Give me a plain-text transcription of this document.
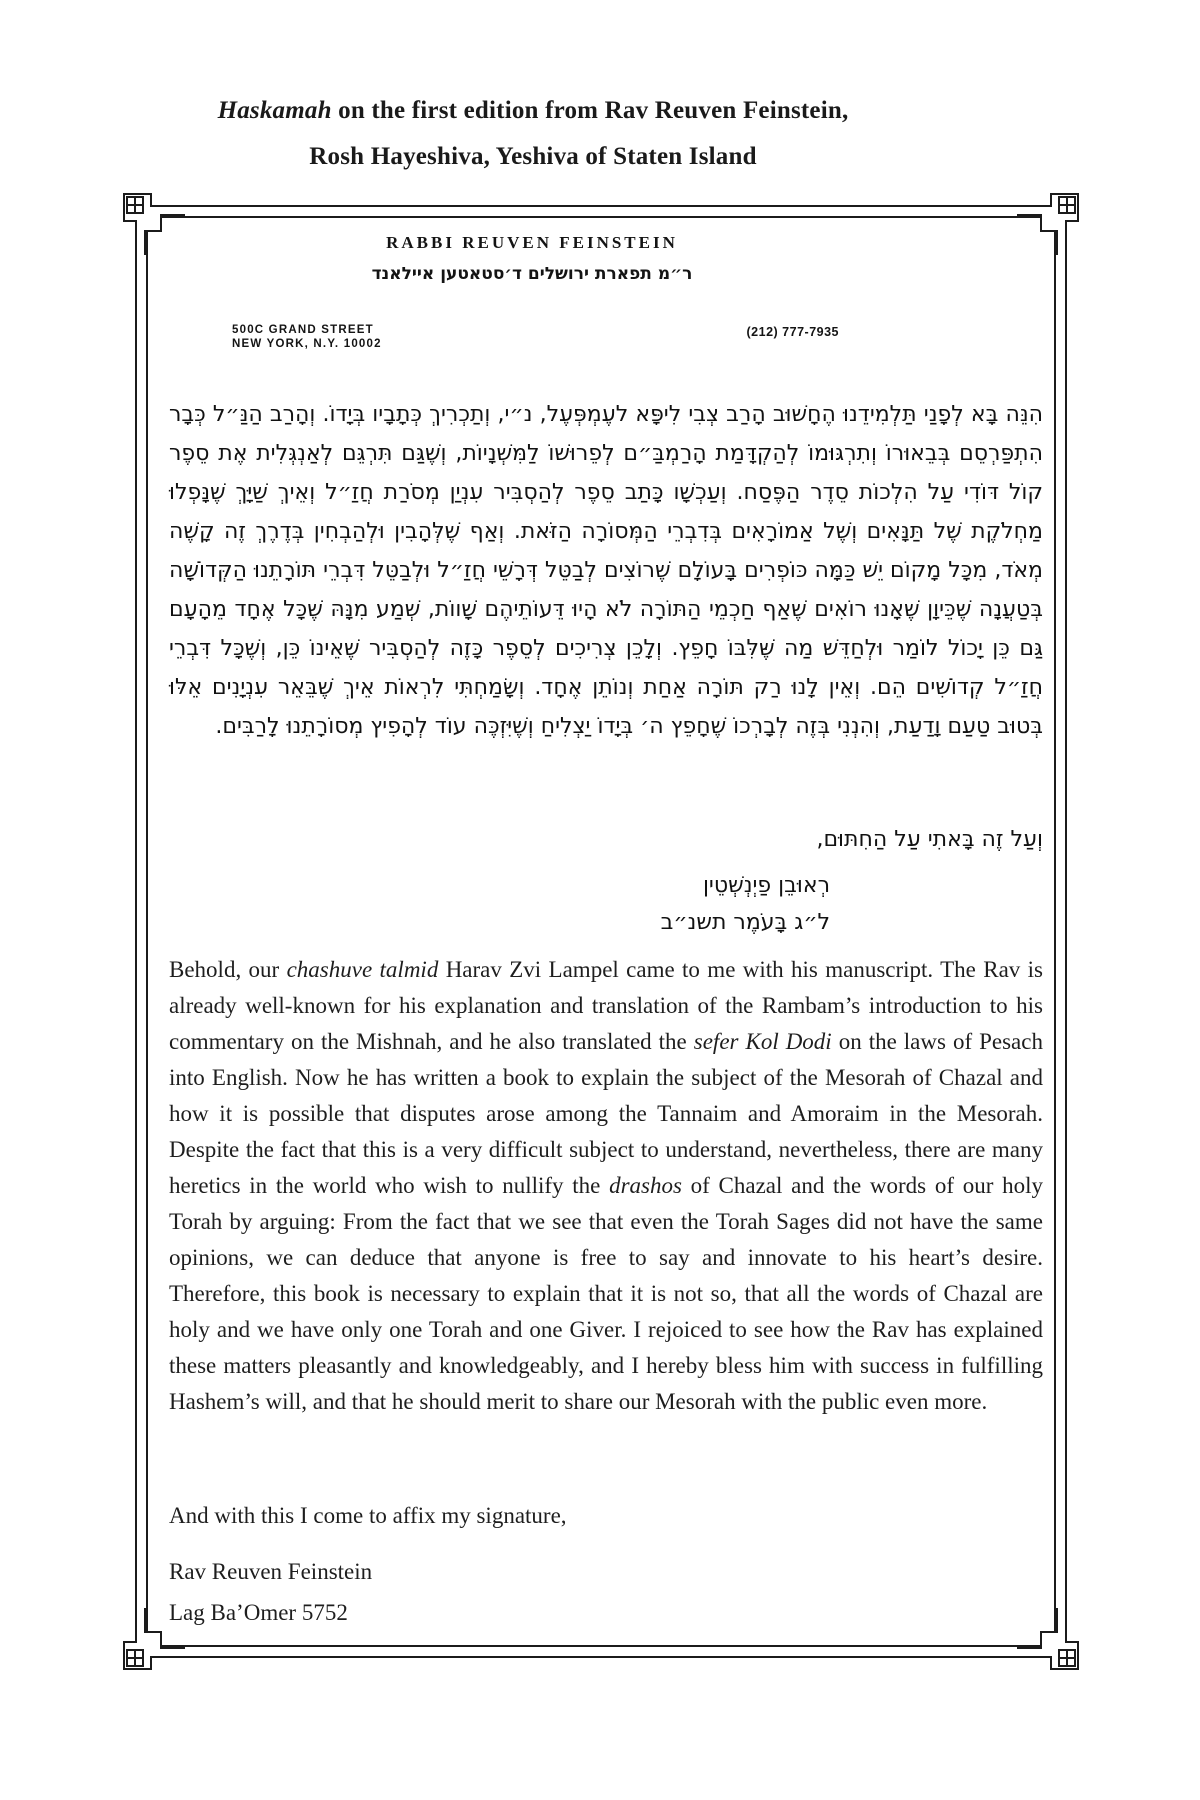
Haskamah on the first edition from Rav Reuven Feinstein,
Rosh Hayeshiva, Yeshiva of Staten Island
RABBI REUVEN FEINSTEIN
ר״מ תפארת ירושלים ד׳סטאטען איילאנד
500C GRAND STREET
NEW YORK, N.Y. 10002
(212) 777-7935
הִנֵּה בָּא לְפָנַי תַּלְמִידֵנוּ הֶחָשׁוּב הָרַב צְבִי לִיפָּא לעֶמְפְּעֶל, נ״י, וְתַכְרִיךְ כְּתָבָיו בְּיָדוֹ. וְהָרַב הַנַּ״ל כְּבָר הִתְפַּרְסֵם בְּבֵאוּרוֹ וְתִרְגּוּמוֹ לְהַקְדָּמַת הָרַמְבַּ״ם לְפֵרוּשׁוֹ לַמִּשְׁנָיוֹת, וְשֶׁגַּם תִּרְגֵּם לְאַנְגְּלִית אֶת סֵפֶר קוֹל דּוֹדִי עַל הִלְכוֹת סֵדֶר הַפֶּסַח. וְעַכְשָׁו כָּתַב סֵפֶר לְהַסְבִּיר עִנְיַן מְסֹרַת חֲזַ״ל וְאֵיךְ שַׁיָּךְ שֶׁנָּפְלוּ מַחְלֹקֶת שֶׁל תַּנָּאִים וְשֶׁל אַמוֹרָאִים בְּדִבְרֵי הַמְּסוֹרָה הַזֹּאת. וְאַף שֶׁלְּהָבִין וּלְהַבְחִין בְּדֶרֶךְ זֶה קָשֶׁה מְאֹד, מִכָּל מָקוֹם יֵשׁ כַּמָּה כּוֹפְרִים בָּעוֹלָם שֶׁרוֹצִים לְבַטֵּל דְּרָשֵׁי חֲזַ״ל וּלְבַטֵּל דִּבְרֵי תּוֹרָתֵנוּ הַקְּדוֹשָׁה בְּטַעֲנָה שֶׁכֵּיוָן שֶׁאָנוּ רוֹאִים שֶׁאַף חַכְמֵי הַתּוֹרָה לֹא הָיוּ דֵּעוֹתֵיהֶם שָׁווֹת, שְׁמַע מִנָּהּ שֶׁכָּל אֶחָד מֵהָעָם גַּם כֵּן יָכוֹל לוֹמַר וּלְחַדֵּשׁ מַה שֶּׁלִּבּוֹ חָפֵץ. וְלָכֵן צְרִיכִים לְסֵפֶר כָּזֶה לְהַסְבִּיר שֶׁאֵינוֹ כֵּן, וְשֶׁכָּל דִּבְרֵי חֲזַ״ל קְדוֹשִׁים הֵם. וְאֵין לָנוּ רַק תּוֹרָה אַחַת וְנוֹתֵן אֶחָד. וְשָׂמַחְתִּי לִרְאוֹת אֵיךְ שֶׁבֵּאֵר עִנְיָנִים אֵלּוּ בְּטוּב טַעַם וָדַעַת, וְהִנְנִי בְּזֶה לְבָרְכוֹ שֶׁחָפֵץ ה׳ בְּיָדוֹ יַצְלִיחַ וְשֶׁיִּזְכֶּה עוֹד לְהָפִיץ מְסוֹרָתֵנוּ לָרַבִּים.
וְעַל זֶה בָּאתִי עַל הַחִתּוּם,
רְאוּבֵן פַיְנְשְׁטֵין
ל״ג בָּעֹמֶר תשנ״ב
Behold, our chashuve talmid Harav Zvi Lampel came to me with his manuscript. The Rav is already well-known for his explanation and translation of the Rambam’s introduction to his commentary on the Mishnah, and he also translated the sefer Kol Dodi on the laws of Pesach into English. Now he has written a book to explain the subject of the Mesorah of Chazal and how it is possible that disputes arose among the Tannaim and Amoraim in the Mesorah. Despite the fact that this is a very difficult subject to understand, nevertheless, there are many heretics in the world who wish to nullify the drashos of Chazal and the words of our holy Torah by arguing: From the fact that we see that even the Torah Sages did not have the same opinions, we can deduce that anyone is free to say and innovate to his heart’s desire. Therefore, this book is necessary to explain that it is not so, that all the words of Chazal are holy and we have only one Torah and one Giver. I rejoiced to see how the Rav has explained these matters pleasantly and knowledgeably, and I hereby bless him with success in fulfilling Hashem’s will, and that he should merit to share our Mesorah with the public even more.
And with this I come to affix my signature,
Rav Reuven Feinstein
Lag Ba’Omer 5752
